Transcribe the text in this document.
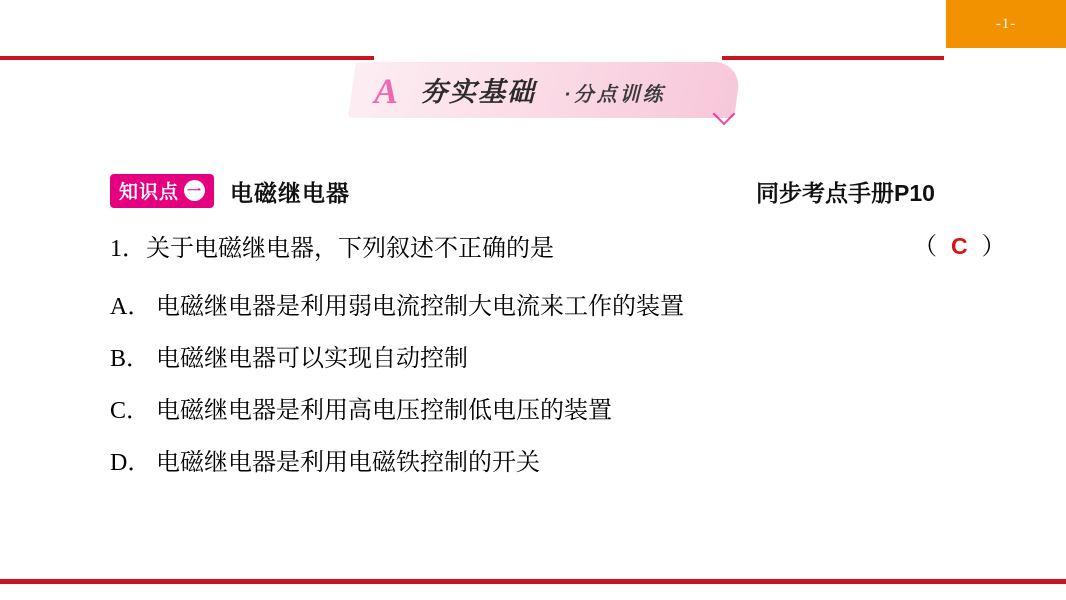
-1-
A 夯实基础 ·分点训练
知识点 一 电磁继电器	同步考点手册P10
1．关于电磁继电器，下列叙述不正确的是	（ C ）
A． 电磁继电器是利用弱电流控制大电流来工作的装置
B． 电磁继电器可以实现自动控制
C． 电磁继电器是利用高电压控制低电压的装置
D． 电磁继电器是利用电磁铁控制的开关
